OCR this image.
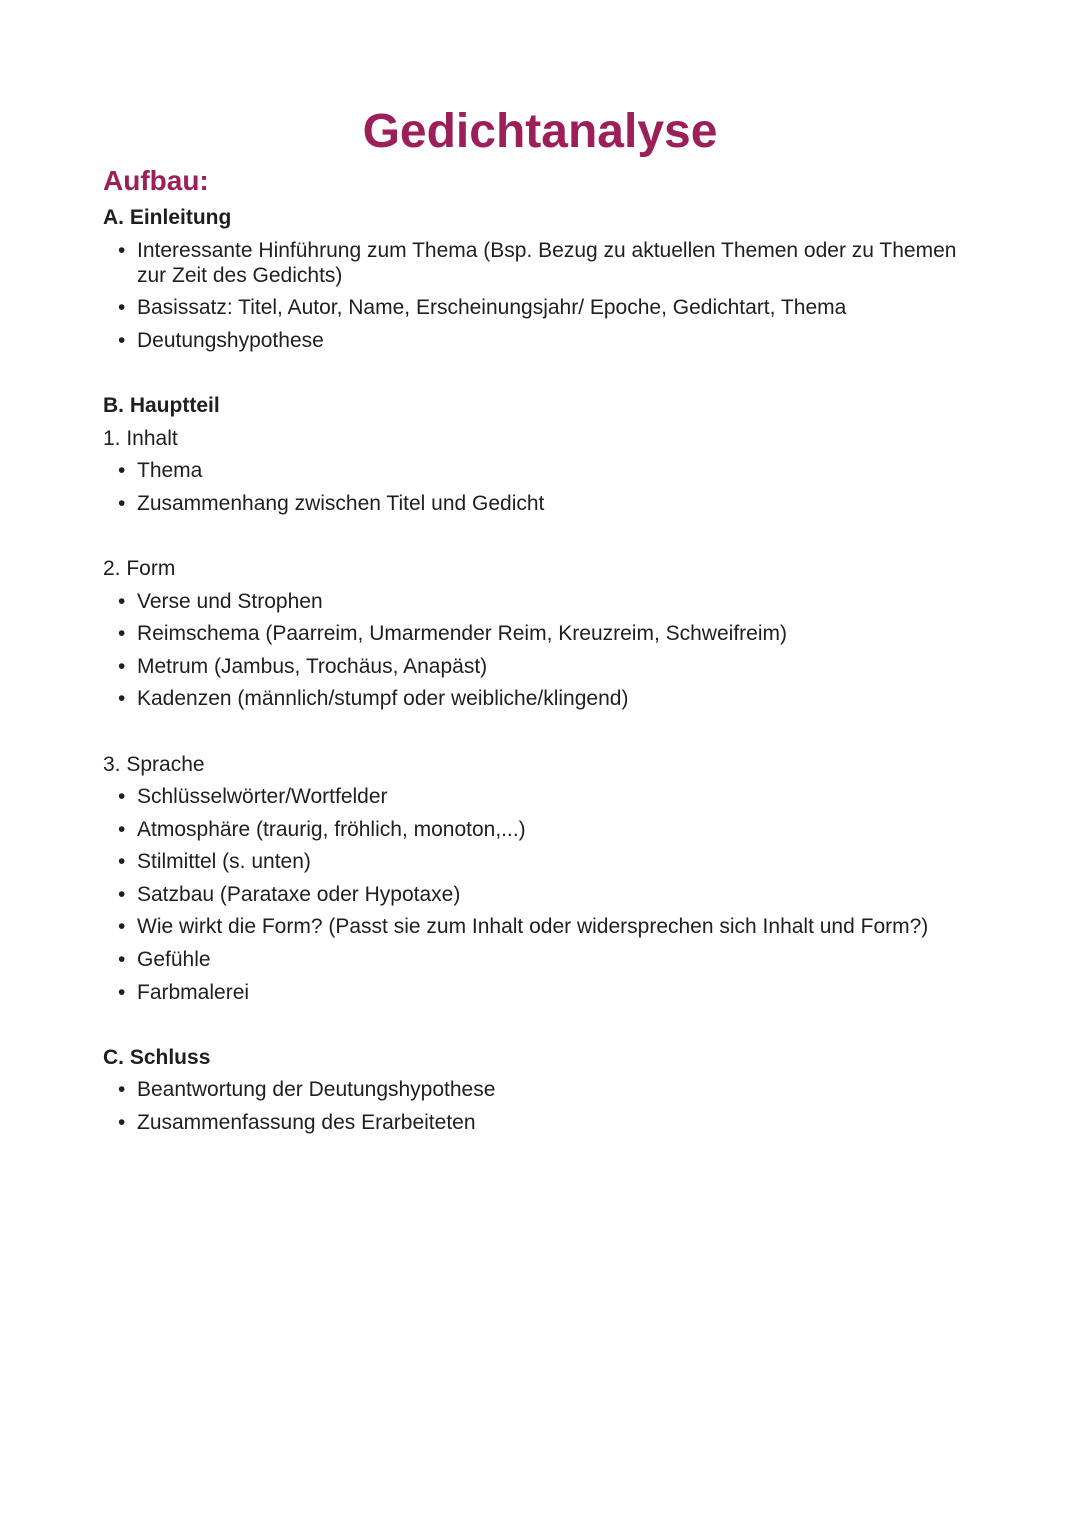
Gedichtanalyse
Aufbau:

A. Einleitung

• Interessante Hinführung zum Thema (Bsp. Bezug zu aktuellen Themen oder zu Themen zur Zeit des Gedichts)
• Basissatz: Titel, Autor, Name, Erscheinungsjahr/ Epoche, Gedichtart, Thema
• Deutungshypothese

B. Hauptteil

1. Inhalt

• Thema
• Zusammenhang zwischen Titel und Gedicht

2. Form

• Verse und Strophen
• Reimschema (Paarreim, Umarmender Reim, Kreuzreim, Schweifreim)
• Metrum (Jambus, Trochäus, Anapäst)
• Kadenzen (männlich/stumpf oder weibliche/klingend)

3. Sprache

• Schlüsselwörter/Wortfelder
• Atmosphäre (traurig, fröhlich, monoton,...)
• Stilmittel (s. unten)
• Satzbau (Parataxe oder Hypotaxe)
• Wie wirkt die Form? (Passt sie zum Inhalt oder widersprechen sich Inhalt und Form?)
• Gefühle
• Farbmalerei

C. Schluss

• Beantwortung der Deutungshypothese
• Zusammenfassung des Erarbeiteten
